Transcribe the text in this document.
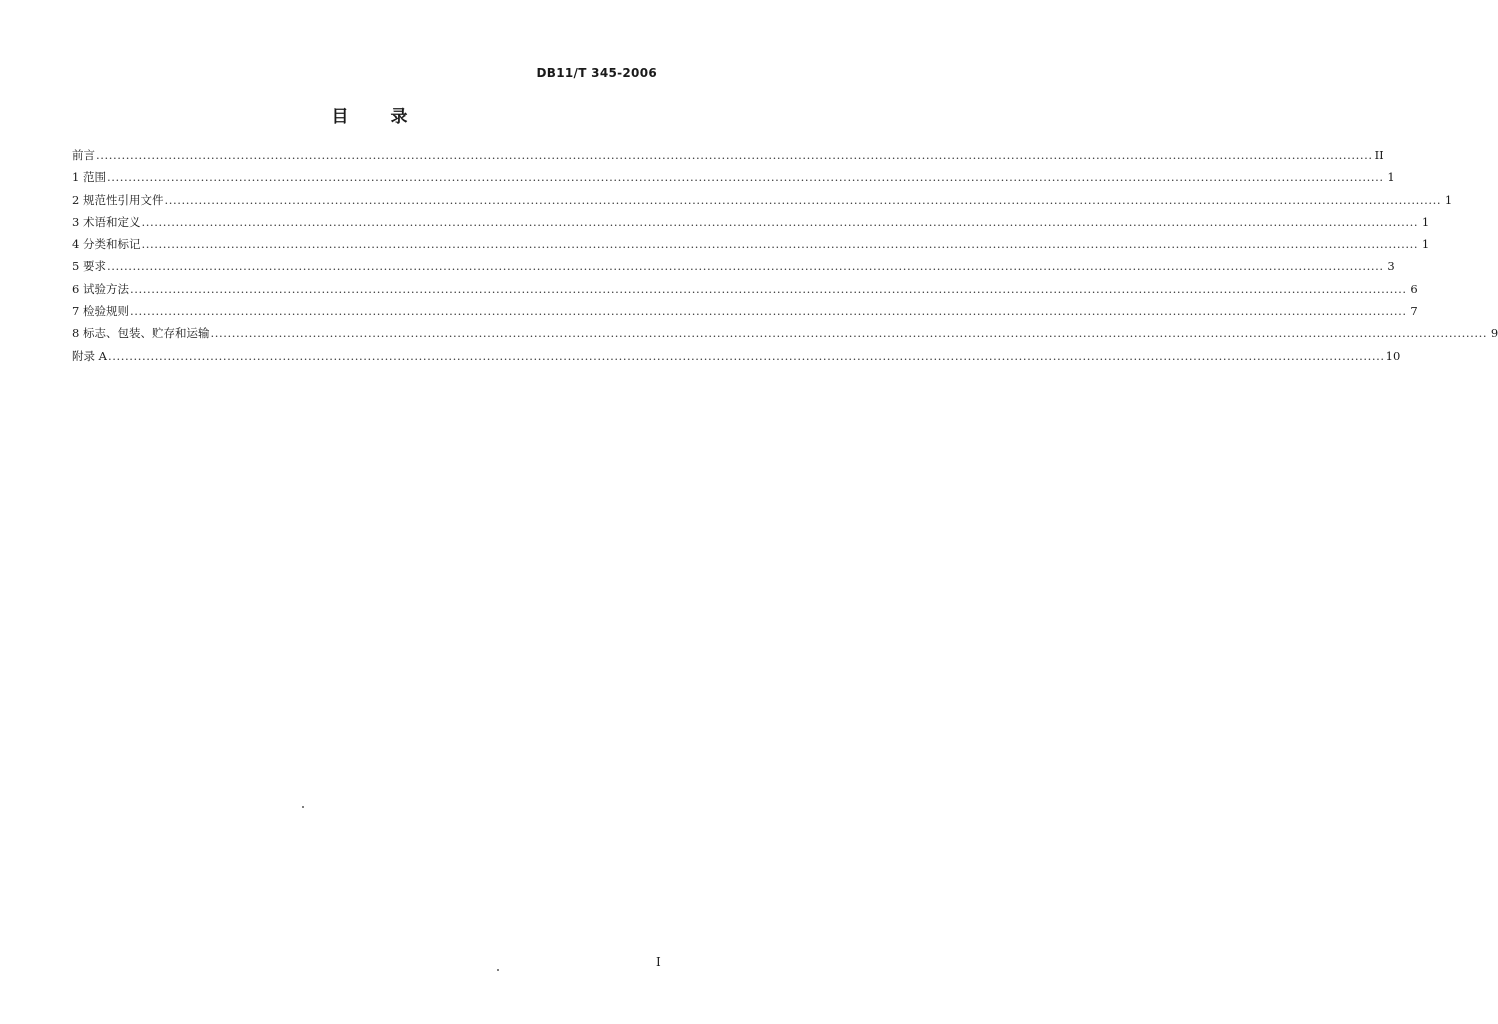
DB11/T 345-2006
目 录
前言 ............................................................................................................................................................................................................................................................................................................ II
1 范围 ............................................................................................................................................................................................................................................................................................................ 1
2 规范性引用文件 ............................................................................................................................................................................................................................................................................................................ 1
3 术语和定义 ............................................................................................................................................................................................................................................................................................................ 1
4 分类和标记 ............................................................................................................................................................................................................................................................................................................ 1
5 要求 ............................................................................................................................................................................................................................................................................................................ 3
6 试验方法 ............................................................................................................................................................................................................................................................................................................ 6
7 检验规则 ............................................................................................................................................................................................................................................................................................................ 7
8 标志、包装、贮存和运输 ............................................................................................................................................................................................................................................................................................................ 9
附录 A ............................................................................................................................................................................................................................................................................................................ 10
I
